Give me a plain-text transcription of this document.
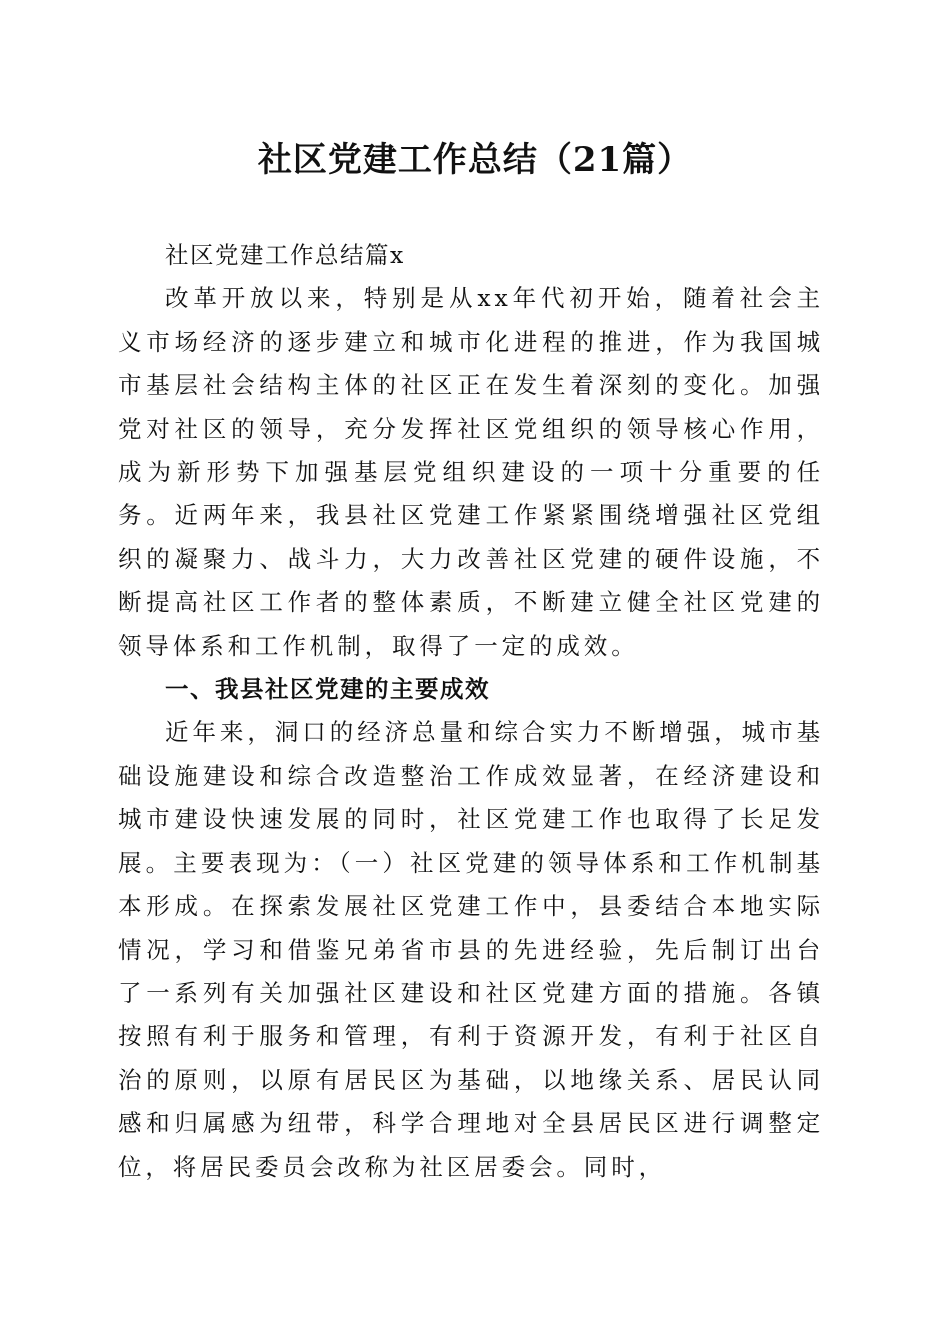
社区党建工作总结（21篇）

社区党建工作总结篇x

改革开放以来，特别是从xx年代初开始，随着社会主义市场经济的逐步建立和城市化进程的推进，作为我国城市基层社会结构主体的社区正在发生着深刻的变化。加强党对社区的领导，充分发挥社区党组织的领导核心作用，成为新形势下加强基层党组织建设的一项十分重要的任务。近两年来，我县社区党建工作紧紧围绕增强社区党组织的凝聚力、战斗力，大力改善社区党建的硬件设施，不断提高社区工作者的整体素质，不断建立健全社区党建的领导体系和工作机制，取得了一定的成效。

一、我县社区党建的主要成效

近年来，洞口的经济总量和综合实力不断增强，城市基础设施建设和综合改造整治工作成效显著，在经济建设和城市建设快速发展的同时，社区党建工作也取得了长足发展。主要表现为：（一）社区党建的领导体系和工作机制基本形成。在探索发展社区党建工作中，县委结合本地实际情况，学习和借鉴兄弟省市县的先进经验，先后制订出台了一系列有关加强社区建设和社区党建方面的措施。各镇按照有利于服务和管理，有利于资源开发，有利于社区自治的原则，以原有居民区为基础，以地缘关系、居民认同感和归属感为纽带，科学合理地对全县居民区进行调整定位，将居民委员会改称为社区居委会。同时，
